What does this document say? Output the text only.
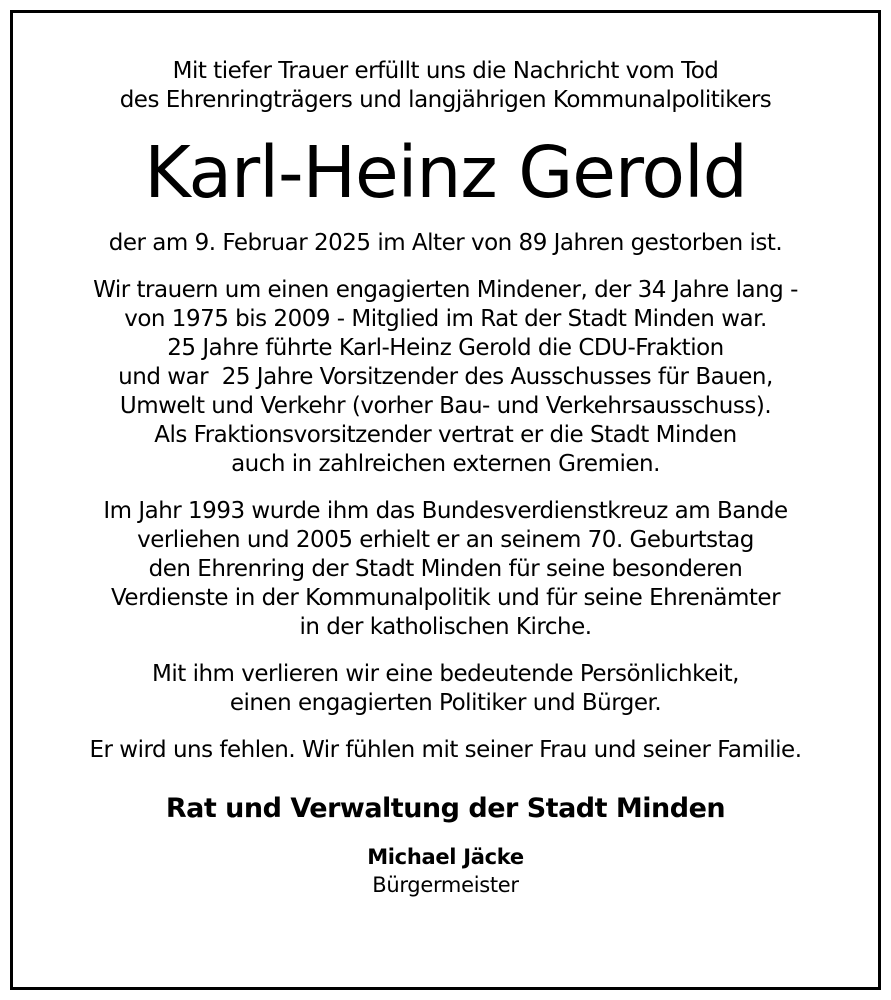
Mit tiefer Trauer erfüllt uns die Nachricht vom Tod
des Ehrenringträgers und langjährigen Kommunalpolitikers
Karl-Heinz Gerold
der am 9. Februar 2025 im Alter von 89 Jahren gestorben ist.
Wir trauern um einen engagierten Mindener, der 34 Jahre lang -
von 1975 bis 2009 - Mitglied im Rat der Stadt Minden war.
25 Jahre führte Karl-Heinz Gerold die CDU-Fraktion
und war  25 Jahre Vorsitzender des Ausschusses für Bauen,
Umwelt und Verkehr (vorher Bau- und Verkehrsausschuss).
Als Fraktionsvorsitzender vertrat er die Stadt Minden
auch in zahlreichen externen Gremien.
Im Jahr 1993 wurde ihm das Bundesverdienstkreuz am Bande
verliehen und 2005 erhielt er an seinem 70. Geburtstag
den Ehrenring der Stadt Minden für seine besonderen
Verdienste in der Kommunalpolitik und für seine Ehrenämter
in der katholischen Kirche.
Mit ihm verlieren wir eine bedeutende Persönlichkeit,
einen engagierten Politiker und Bürger.
Er wird uns fehlen. Wir fühlen mit seiner Frau und seiner Familie.
Rat und Verwaltung der Stadt Minden
Michael Jäcke
Bürgermeister
